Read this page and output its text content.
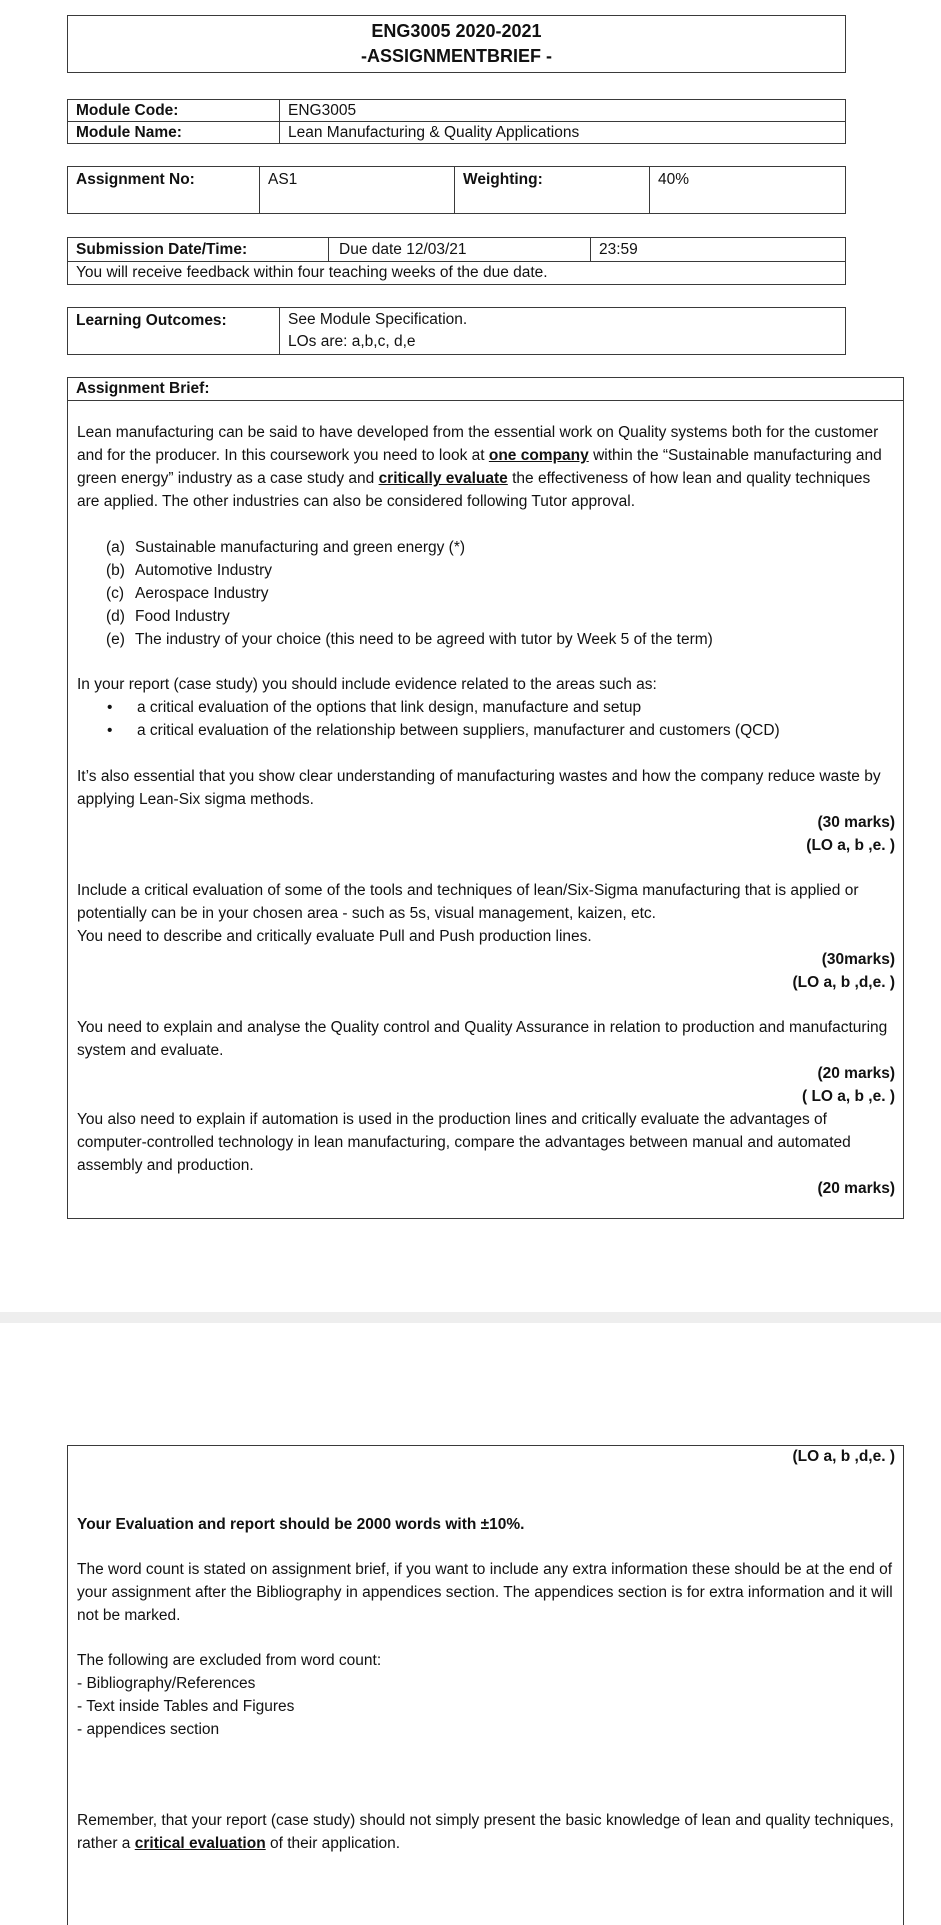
ENG3005 2020-2021
-ASSIGNMENTBRIEF -
Module Code:	ENG3005
Module Name:	Lean Manufacturing & Quality Applications
Assignment No:	AS1	Weighting:	40%
Submission Date/Time:	Due date 12/03/21	23:59
You will receive feedback within four teaching weeks of the due date.
Learning Outcomes:	See Module Specification.
LOs are: a,b,c, d,e
Assignment Brief:

Lean manufacturing can be said to have developed from the essential work on Quality systems both for the customer and for the producer. In this coursework you need to look at one company within the “Sustainable manufacturing and green energy” industry as a case study and critically evaluate the effectiveness of how lean and quality techniques are applied. The other industries can also be considered following Tutor approval.

(a) Sustainable manufacturing and green energy (*)
(b) Automotive Industry
(c) Aerospace Industry
(d) Food Industry
(e) The industry of your choice (this need to be agreed with tutor by Week 5 of the term)

In your report (case study) you should include evidence related to the areas such as:

• a critical evaluation of the options that link design, manufacture and setup
• a critical evaluation of the relationship between suppliers, manufacturer and customers (QCD)

It’s also essential that you show clear understanding of manufacturing wastes and how the company reduce waste by applying Lean-Six sigma methods.

(30 marks)
(LO a, b ,e. )

Include a critical evaluation of some of the tools and techniques of lean/Six-Sigma manufacturing that is applied or potentially can be in your chosen area - such as 5s, visual management, kaizen, etc.

You need to describe and critically evaluate Pull and Push production lines.

(30marks)
(LO a, b ,d,e. )

You need to explain and analyse the Quality control and Quality Assurance in relation to production and manufacturing system and evaluate.

(20 marks)
( LO a, b ,e. )

You also need to explain if automation is used in the production lines and critically evaluate the advantages of computer-controlled technology in lean manufacturing, compare the advantages between manual and automated assembly and production.

(20 marks)
(LO a, b ,d,e. )

Your Evaluation and report should be 2000 words with ±10%.

The word count is stated on assignment brief, if you want to include any extra information these should be at the end of your assignment after the Bibliography in appendices section. The appendices section is for extra information and it will not be marked.

The following are excluded from word count:

- Bibliography/References
- Text inside Tables and Figures
- appendices section

Remember, that your report (case study) should not simply present the basic knowledge of lean and quality techniques, rather a critical evaluation of their application.
